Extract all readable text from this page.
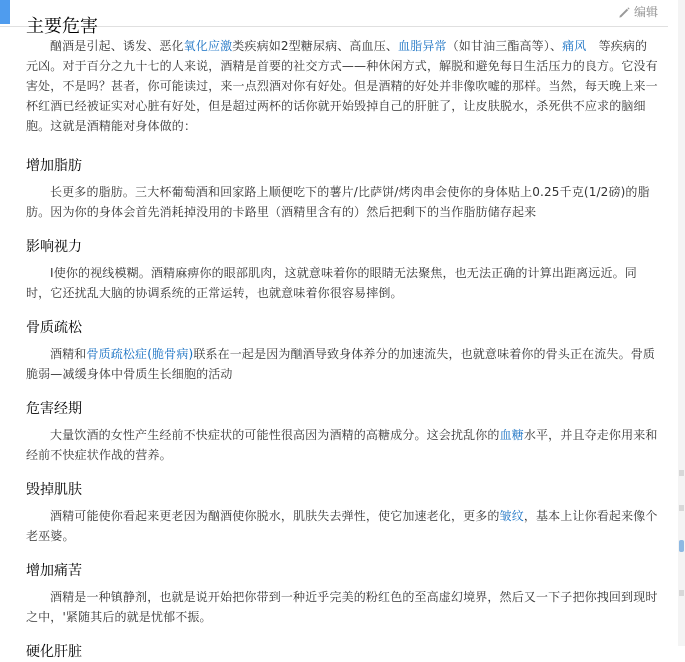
主要危害
编辑

酗酒是引起、诱发、恶化氧化应激类疾病如2型糖尿病、高血压、血脂异常（如甘油三酯高等）、痛风　等疾病的元凶。对于百分之九十七的人来说，酒精是首要的社交方式——种休闲方式，解脱和避免每日生活压力的良方。它没有害处，不是吗？甚者，你可能读过，来一点烈酒对你有好处。但是酒精的好处并非像吹嘘的那样。当然，每天晚上来一杯红酒已经被证实对心脏有好处，但是超过两杯的话你就开始毁掉自己的肝脏了，让皮肤脱水，杀死供不应求的脑细胞。这就是酒精能对身体做的：

增加脂肪

长更多的脂肪。三大杯葡萄酒和回家路上顺便吃下的薯片/比萨饼/烤肉串会使你的身体贴上0.25千克(1/2磅)的脂肪。因为你的身体会首先消耗掉没用的卡路里（酒精里含有的）然后把剩下的当作脂肪储存起来

影响视力

I使你的视线模糊。酒精麻痹你的眼部肌肉，这就意味着你的眼睛无法聚焦，也无法正确的计算出距离远近。同时，它还扰乱大脑的协调系统的正常运转，也就意味着你很容易摔倒。

骨质疏松

酒精和骨质疏松症(脆骨病)联系在一起是因为酗酒导致身体养分的加速流失，也就意味着你的骨头正在流失。骨质脆弱—减缓身体中骨质生长细胞的活动

危害经期

大量饮酒的女性产生经前不快症状的可能性很高因为酒精的高糖成分。这会扰乱你的血糖水平，并且夺走你用来和经前不快症状作战的营养。

毁掉肌肤

酒精可能使你看起来更老因为酗酒使你脱水，肌肤失去弹性，使它加速老化，更多的皱纹，基本上让你看起来像个老巫婆。

增加痛苦

酒精是一种镇静剂，也就是说开始把你带到一种近乎完美的粉红色的至高虚幻境界，然后又一下子把你拽回到现时之中，'紧随其后的就是忧郁不振。

硬化肝脏
